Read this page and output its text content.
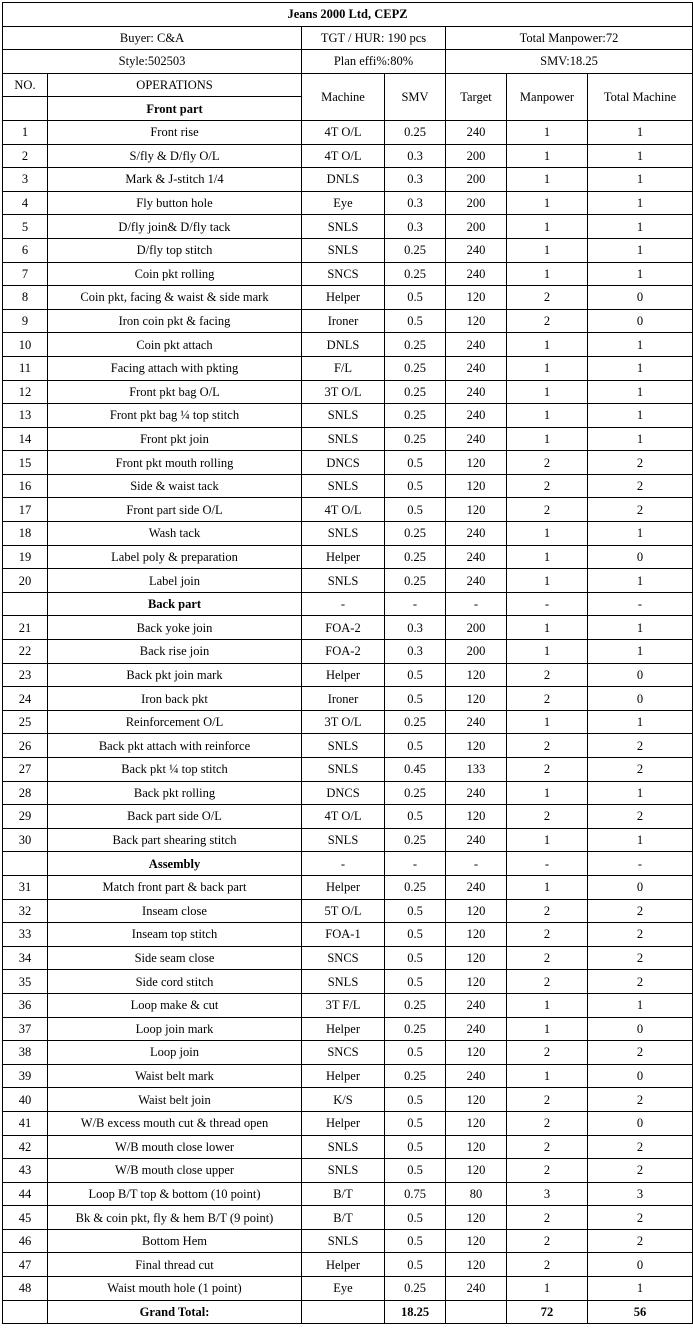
Jeans 2000 Ltd, CEPZ						
Buyer: C&A		TGT / HUR: 190 pcs		Total Manpower:72		
Style:502503		Plan effi%:80%		SMV:18.25		
NO.	OPERATIONS	Machine	SMV	Target	Manpower	Total Machine
	Front part					
1	Front rise	4T O/L	0.25	240	1	1
2	S/fly & D/fly O/L	4T O/L	0.3	200	1	1
3	Mark & J-stitch 1/4	DNLS	0.3	200	1	1
4	Fly button hole	Eye	0.3	200	1	1
5	D/fly join& D/fly tack	SNLS	0.3	200	1	1
6	D/fly top stitch	SNLS	0.25	240	1	1
7	Coin pkt rolling	SNCS	0.25	240	1	1
8	Coin pkt, facing & waist & side mark	Helper	0.5	120	2	0
9	Iron coin pkt & facing	Ironer	0.5	120	2	0
10	Coin pkt attach	DNLS	0.25	240	1	1
11	Facing attach with pkting	F/L	0.25	240	1	1
12	Front pkt bag O/L	3T O/L	0.25	240	1	1
13	Front pkt bag ¼ top stitch	SNLS	0.25	240	1	1
14	Front pkt join	SNLS	0.25	240	1	1
15	Front pkt mouth rolling	DNCS	0.5	120	2	2
16	Side & waist tack	SNLS	0.5	120	2	2
17	Front part side O/L	4T O/L	0.5	120	2	2
18	Wash tack	SNLS	0.25	240	1	1
19	Label poly & preparation	Helper	0.25	240	1	0
20	Label join	SNLS	0.25	240	1	1
	Back part	-	-	-	-	-
21	Back yoke join	FOA-2	0.3	200	1	1
22	Back rise join	FOA-2	0.3	200	1	1
23	Back pkt join mark	Helper	0.5	120	2	0
24	Iron back pkt	Ironer	0.5	120	2	0
25	Reinforcement O/L	3T O/L	0.25	240	1	1
26	Back pkt attach with reinforce	SNLS	0.5	120	2	2
27	Back pkt ¼ top stitch	SNLS	0.45	133	2	2
28	Back pkt rolling	DNCS	0.25	240	1	1
29	Back part side O/L	4T O/L	0.5	120	2	2
30	Back part shearing stitch	SNLS	0.25	240	1	1
	Assembly	-	-	-	-	-
31	Match front part & back part	Helper	0.25	240	1	0
32	Inseam close	5T O/L	0.5	120	2	2
33	Inseam top stitch	FOA-1	0.5	120	2	2
34	Side seam close	SNCS	0.5	120	2	2
35	Side cord stitch	SNLS	0.5	120	2	2
36	Loop make & cut	3T F/L	0.25	240	1	1
37	Loop join mark	Helper	0.25	240	1	0
38	Loop join	SNCS	0.5	120	2	2
39	Waist belt mark	Helper	0.25	240	1	0
40	Waist belt join	K/S	0.5	120	2	2
41	W/B excess mouth cut & thread open	Helper	0.5	120	2	0
42	W/B mouth close lower	SNLS	0.5	120	2	2
43	W/B mouth close upper	SNLS	0.5	120	2	2
44	Loop B/T top & bottom (10 point)	B/T	0.75	80	3	3
45	Bk & coin pkt, fly & hem B/T (9 point)	B/T	0.5	120	2	2
46	Bottom Hem	SNLS	0.5	120	2	2
47	Final thread cut	Helper	0.5	120	2	0
48	Waist mouth hole (1 point)	Eye	0.25	240	1	1
	Grand Total:		18.25		72	56
